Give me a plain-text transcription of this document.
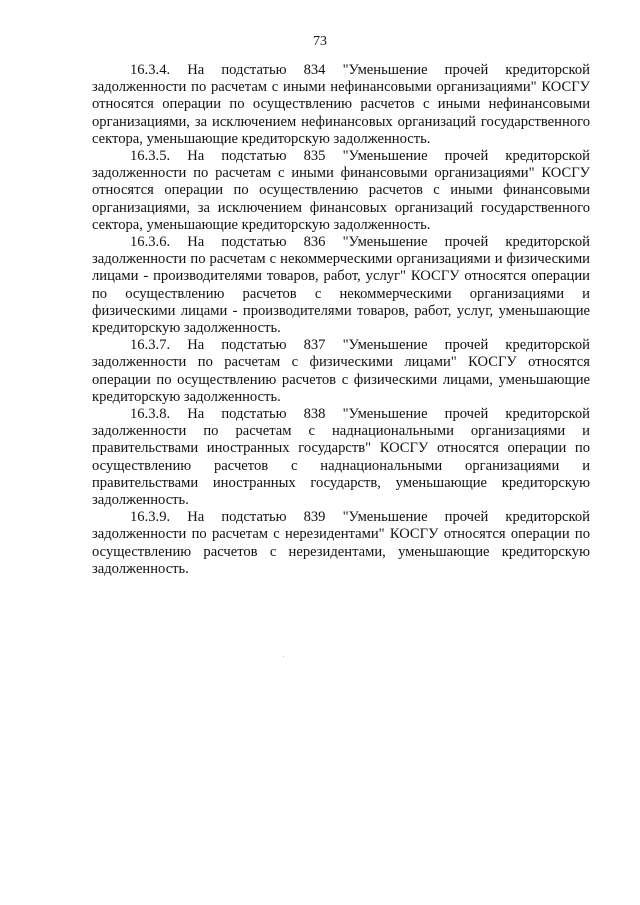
73

16.3.4. На подстатью 834 "Уменьшение прочей кредиторской задолженности по расчетам с иными нефинансовыми организациями" КОСГУ относятся операции по осуществлению расчетов с иными нефинансовыми организациями, за исключением нефинансовых организаций государственного сектора, уменьшающие кредиторскую задолженность.

16.3.5. На подстатью 835 "Уменьшение прочей кредиторской задолженности по расчетам с иными финансовыми организациями" КОСГУ относятся операции по осуществлению расчетов с иными финансовыми организациями, за исключением финансовых организаций государственного сектора, уменьшающие кредиторскую задолженность.

16.3.6. На подстатью 836 "Уменьшение прочей кредиторской задолженности по расчетам с некоммерческими организациями и физическими лицами - производителями товаров, работ, услуг" КОСГУ относятся операции по осуществлению расчетов с некоммерческими организациями и физическими лицами - производителями товаров, работ, услуг, уменьшающие кредиторскую задолженность.

16.3.7. На подстатью 837 "Уменьшение прочей кредиторской задолженности по расчетам с физическими лицами" КОСГУ относятся операции по осуществлению расчетов с физическими лицами, уменьшающие кредиторскую задолженность.

16.3.8. На подстатью 838 "Уменьшение прочей кредиторской задолженности по расчетам с наднациональными организациями и правительствами иностранных государств" КОСГУ относятся операции по осуществлению расчетов с наднациональными организациями и правительствами иностранных государств, уменьшающие кредиторскую задолженность.

16.3.9. На подстатью 839 "Уменьшение прочей кредиторской задолженности по расчетам с нерезидентами" КОСГУ относятся операции по осуществлению расчетов с нерезидентами, уменьшающие кредиторскую задолженность.
